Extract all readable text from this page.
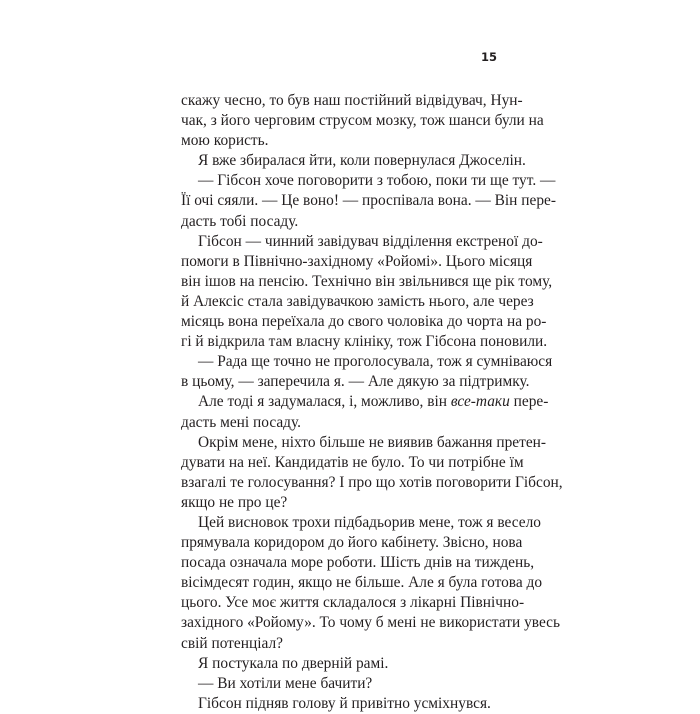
15
скажу чесно, то був наш постійний відвідувач, Нун-
чак, з його черговим струсом мозку, тож шанси були на
мою користь.
Я вже збиралася йти, коли повернулася Джоселін.
— Гібсон хоче поговорити з тобою, поки ти ще тут. —
Її очі сяяли. — Це воно! — проспівала вона. — Він пере-
дасть тобі посаду.
Гібсон — чинний завідувач відділення екстреної до-
помоги в Північно-західному «Ройомі». Цього місяця
він ішов на пенсію. Технічно він звільнився ще рік тому,
й Алексіс стала завідувачкою замість нього, але через
місяць вона переїхала до свого чоловіка до чорта на ро-
гі й відкрила там власну клініку, тож Гібсона поновили.
— Рада ще точно не проголосувала, тож я сумніваюся
в цьому, — заперечила я. — Але дякую за підтримку.
Але тоді я задумалася, і, можливо, він все-таки пере-
дасть мені посаду.
Окрім мене, ніхто більше не виявив бажання претен-
дувати на неї. Кандидатів не було. То чи потрібне їм
взагалі те голосування? І про що хотів поговорити Гібсон,
якщо не про це?
Цей висновок трохи підбадьорив мене, тож я весело
прямувала коридором до його кабінету. Звісно, нова
посада означала море роботи. Шість днів на тиждень,
вісімдесят годин, якщо не більше. Але я була готова до
цього. Усе моє життя складалося з лікарні Північно-
західного «Ройому». То чому б мені не використати увесь
свій потенціал?
Я постукала по дверній рамі.
— Ви хотіли мене бачити?
Гібсон підняв голову й привітно усміхнувся.
